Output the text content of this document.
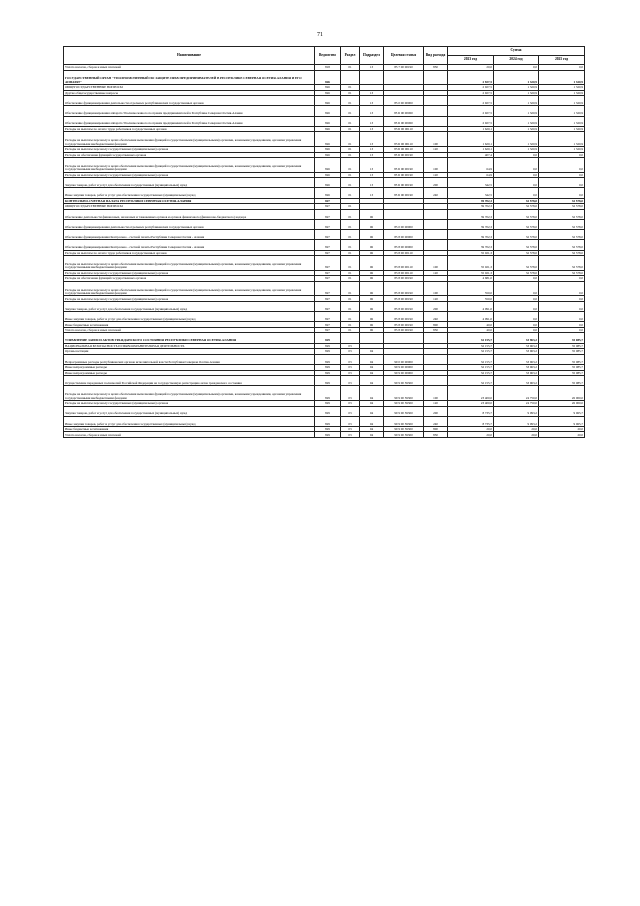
71
Наименование	Ведомство	Раздел	Подраздел	Целевая статья	Вид расхода	Сумма		
						2023 год	2024 год	2025 год
Уплата налогов, сборов и иных платежей	818	01	13	85 7 00 00190	850	20,0	0,0	0,0
ГОСУДАРСТВЕННЫЙ ОРГАН "УПОЛНОМОЧЕННЫЙ ПО ЗАЩИТЕ ПРАВ ПРЕДПРИНИМАТЕЛЕЙ В РЕСПУБЛИКЕ СЕВЕРНАЯ ОСЕТИЯ-АЛАНИЯ И ЕГО АППАРАТ"	826					2 927,5	1 320,9	1 320,9
ОБЩЕГОСУДАРСТВЕННЫЕ ВОПРОСЫ	826	01				2 927,5	1 320,9	1 320,9
Другие общегосударственные вопросы	826	01	13			2 927,5	1 320,9	1 320,9
Обеспечение функционирования деятельности отдельных республиканских государственных органов	826	01	13	85 0 00 00000		2 927,5	1 320,9	1 320,9
Обеспечение функционирования аппарата Уполномоченного по правам предпринимателей в Республике Северная Осетия-Алания	826	01	13	85 Б 00 00000		2 927,5	1 320,9	1 320,9
Обеспечение функционирования аппарата Уполномоченного по правам предпринимателей в Республике Северная Осетия-Алания	826	01	13	85 Б 00 00000		2 927,5	1 320,9	1 320,9
Расходы на выплаты по оплате труда работников государственных органов	826	01	13	85 Б 00 00110		1 620,1	1 320,9	1 320,9
Расходы на выплаты персоналу в целях обеспечения выполнения функций государственными (муниципальными) органами, казенными учреждениями, органами управления государственными внебюджетными фондами	826	01	13	85 Б 00 00110	100	1 620,1	1 320,9	1 320,9
Расходы на выплаты персоналу государственных (муниципальных) органов	826	01	13	85 Б 00 00110	120	1 620,1	1 320,9	1 320,9
Расходы на обеспечение функций государственных органов	826	01	13	85 Б 00 00190		407,4	0,0	0,0
Расходы на выплаты персоналу в целях обеспечения выполнения функций государственными (муниципальными) органами, казенными учреждениями, органами управления государственными внебюджетными фондами	826	01	13	85 Б 00 00190	100	64,9	0,0	0,0
Расходы на выплаты персоналу государственных (муниципальных) органов	826	01	13	85 Б 00 00190	120	64,9	0,0	0,0
Закупка товаров, работ и услуг для обеспечения государственных (муниципальных) нужд	826	01	13	85 Б 00 00190	200	342,5	0,0	0,0
Иные закупки товаров, работ и услуг для обеспечения государственных (муниципальных) нужд	826	01	13	85 Б 00 00190	240	342,5	0,0	0,0
КОНТРОЛЬНО-СЧЕТНАЯ ПАЛАТА РЕСПУБЛИКИ СЕВЕРНАЯ ОСЕТИЯ-АЛАНИЯ	827					39 702,3	32 578,0	32 578,0
ОБЩЕГОСУДАРСТВЕННЫЕ ВОПРОСЫ	827	01				39 702,3	32 578,0	32 578,0
Обеспечение деятельности финансовых, налоговых и таможенных органов и органов финансового (финансово-бюджетного) надзора	827	01	06			39 702,3	32 578,0	32 578,0
Обеспечение функционирования деятельности отдельных республиканских государственных органов	827	01	06	85 0 00 00000		39 702,3	32 578,0	32 578,0
Обеспечение функционирования Контрольно - счетной палаты Республики Северная Осетия - Алания	827	01	06	85 8 00 00000		39 702,3	32 578,0	32 578,0
Обеспечение функционирования Контрольно - счетной палаты Республики Северная Осетия - Алания	827	01	06	85 8 00 00000		39 702,3	32 578,0	32 578,0
Расходы на выплаты по оплате труда работников государственных органов	827	01	06	85 8 00 00110		35 021,3	32 578,0	32 578,0
Расходы на выплаты персоналу в целях обеспечения выполнения функций государственными (муниципальными) органами, казенными учреждениями, органами управления государственными внебюджетными фондами	827	01	06	85 8 00 00110	100	35 021,3	32 578,0	32 578,0
Расходы на выплаты персоналу государственных (муниципальных) органов	827	01	06	85 8 00 00110	120	35 021,3	32 578,0	32 578,0
Расходы на обеспечение функций государственных органов	827	01	06	85 8 00 00190		4 681,0	0,0	0,0
Расходы на выплаты персоналу в целях обеспечения выполнения функций государственными (муниципальными) органами, казенными учреждениями, органами управления государственными внебюджетными фондами	827	01	06	85 8 00 00190	100	550,0	0,0	0,0
Расходы на выплаты персоналу государственных (муниципальных) органов	827	01	06	85 8 00 00190	120	550,0	0,0	0,0
Закупка товаров, работ и услуг для обеспечения государственных (муниципальных) нужд	827	01	06	85 8 00 00190	200	4 091,0	0,0	0,0
Иные закупки товаров, работ и услуг для обеспечения государственных (муниципальных) нужд	827	01	06	85 8 00 00190	240	4 091,0	0,0	0,0
Иные бюджетные ассигнования	827	01	06	85 8 00 00190	800	40,0	0,0	0,0
Уплата налогов, сборов и иных платежей	827	01	06	85 8 00 00190	850	40,0	0,0	0,0
УПРАВЛЕНИЕ ЗАПИСИ АКТОВ ГРАЖДАНСКОГО СОСТОЯНИЯ РЕСПУБЛИКИ СЕВЕРНАЯ ОСЕТИЯ-АЛАНИЯ	829					32 155,7	33 963,2	35 085,7
НАЦИОНАЛЬНАЯ БЕЗОПАСНОСТЬ И ПРАВООХРАНИТЕЛЬНАЯ ДЕЯТЕЛЬНОСТЬ	829	03				32 155,7	33 963,2	35 085,7
Органы юстиции	829	03	04			32 155,7	33 963,2	35 085,7
Непрограммные расходы республиканских органов исполнительной власти Республики Северная Осетия-Алания	829	03	04	99 0 00 00000		32 155,7	33 963,2	35 085,7
Иные непрограммные расходы	829	03	04	99 9 00 00000		32 155,7	33 963,2	35 085,7
Иные непрограммные расходы	829	03	04	99 9 00 00000		32 155,7	33 963,2	35 085,7
Осуществление переданных полномочий Российской Федерации на государственную регистрацию актов гражданского состояния	829	03	04	99 9 00 59300		32 155,7	33 963,2	35 085,7
Расходы на выплаты персоналу в целях обеспечения выполнения функций государственными (муниципальными) органами, казенными учреждениями, органами управления государственными внебюджетными фондами	829	03	04	99 9 00 59300	100	23 400,0	24 750,0	26 000,0
Расходы на выплаты персоналу государственных (муниципальных) органов	829	03	04	99 9 00 59300	120	23 400,0	24 750,0	26 000,0
Закупка товаров, работ и услуг для обеспечения государственных (муниципальных) нужд	829	03	04	99 9 00 59300	200	8 735,7	9 093,2	9 065,7
Иные закупки товаров, работ и услуг для обеспечения государственных (муниципальных) нужд	829	03	04	99 9 00 59300	240	8 735,7	9 093,2	9 065,7
Иные бюджетные ассигнования	829	03	04	99 9 00 59300	800	20,0	20,0	20,0
Уплата налогов, сборов и иных платежей	829	03	04	99 9 00 59300	850	20,0	20,0	20,0
